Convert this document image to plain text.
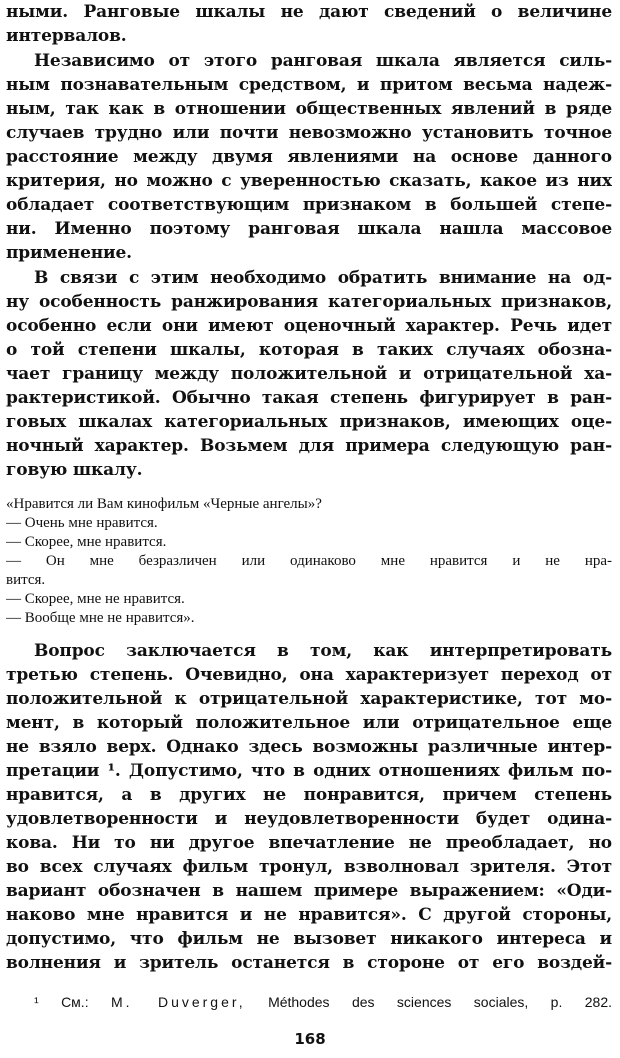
ными. Ранговые шкалы не дают сведений о величине
интервалов.
Независимо от этого ранговая шкала является силь-
ным познавательным средством, и притом весьма надеж-
ным, так как в отношении общественных явлений в ряде
случаев трудно или почти невозможно установить точное
расстояние между двумя явлениями на основе данного
критерия, но можно с уверенностью сказать, какое из них
обладает соответствующим признаком в большей степе-
ни. Именно поэтому ранговая шкала нашла массовое
применение.
В связи с этим необходимо обратить внимание на од-
ну особенность ранжирования категориальных признаков,
особенно если они имеют оценочный характер. Речь идет
о той степени шкалы, которая в таких случаях обозна-
чает границу между положительной и отрицательной ха-
рактеристикой. Обычно такая степень фигурирует в ран-
говых шкалах категориальных признаков, имеющих оце-
ночный характер. Возьмем для примера следующую ран-
говую шкалу.
«Нравится ли Вам кинофильм «Черные ангелы»?
— Очень мне нравится.
— Скорее, мне нравится.
— Он мне безразличен или одинаково мне нравится и не нра-
вится.
— Скорее, мне не нравится.
— Вообще мне не нравится».
Вопрос заключается в том, как интерпретировать
третью степень. Очевидно, она характеризует переход от
положительной к отрицательной характеристике, тот мо-
мент, в который положительное или отрицательное еще
не взяло верх. Однако здесь возможны различные интер-
претации ¹. Допустимо, что в одних отношениях фильм по-
нравится, а в других не понравится, причем степень
удовлетворенности и неудовлетворенности будет одина-
кова. Ни то ни другое впечатление не преобладает, но
во всех случаях фильм тронул, взволновал зрителя. Этот
вариант обозначен в нашем примере выражением: «Оди-
наково мне нравится и не нравится». С другой стороны,
допустимо, что фильм не вызовет никакого интереса и
волнения и зритель останется в стороне от его воздей-
¹ См.: M. Duverger, Méthodes des sciences sociales, p. 282.
168
